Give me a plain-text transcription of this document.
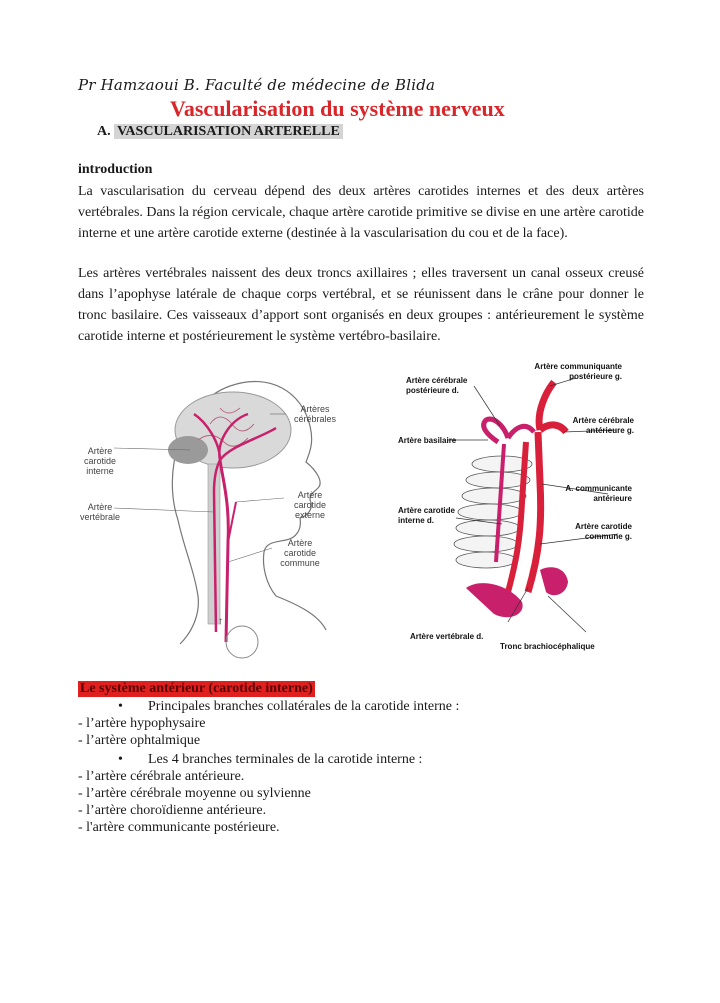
Pr Hamzaoui B. Faculté de médecine de Blida
Vascularisation du système nerveux
A. VASCULARISATION ARTERELLE
introduction
La vascularisation du cerveau dépend des deux artères carotides internes et des deux artères vertébrales. Dans la région cervicale, chaque artère carotide primitive se divise en une artère carotide interne et une artère carotide externe (destinée à la vascularisation du cou et de la face).
Les artères vertébrales naissent des deux troncs axillaires ; elles traversent un canal osseux creusé dans l’apophyse latérale de chaque corps vertébral, et se réunissent dans le crâne pour donner le tronc basilaire. Ces vaisseaux d’apport sont organisés en deux groupes : antérieurement le système carotide interne et postérieurement le système vertébro-basilaire.
↑
Artère carotide interne
Artère vertébrale
Artères cérébrales
Artère carotide externe
Artère carotide commune
Artère cérébrale postérieure d.
Artère communiquante postérieure g.
Artère basilaire
Artère cérébrale antérieure g.
A. communicante antérieure
Artère carotide interne d.
Artère carotide commune g.
Artère vertébrale d.
Tronc brachiocéphalique
Le système antérieur (carotide interne)
• Principales branches collatérales de la carotide interne :
- l’artère hypophysaire
- l’artère ophtalmique
• Les 4 branches terminales de la carotide interne :
- l’artère cérébrale antérieure.
- l’artère cérébrale moyenne ou sylvienne
- l’artère choroïdienne antérieure.
- l'artère communicante postérieure.
